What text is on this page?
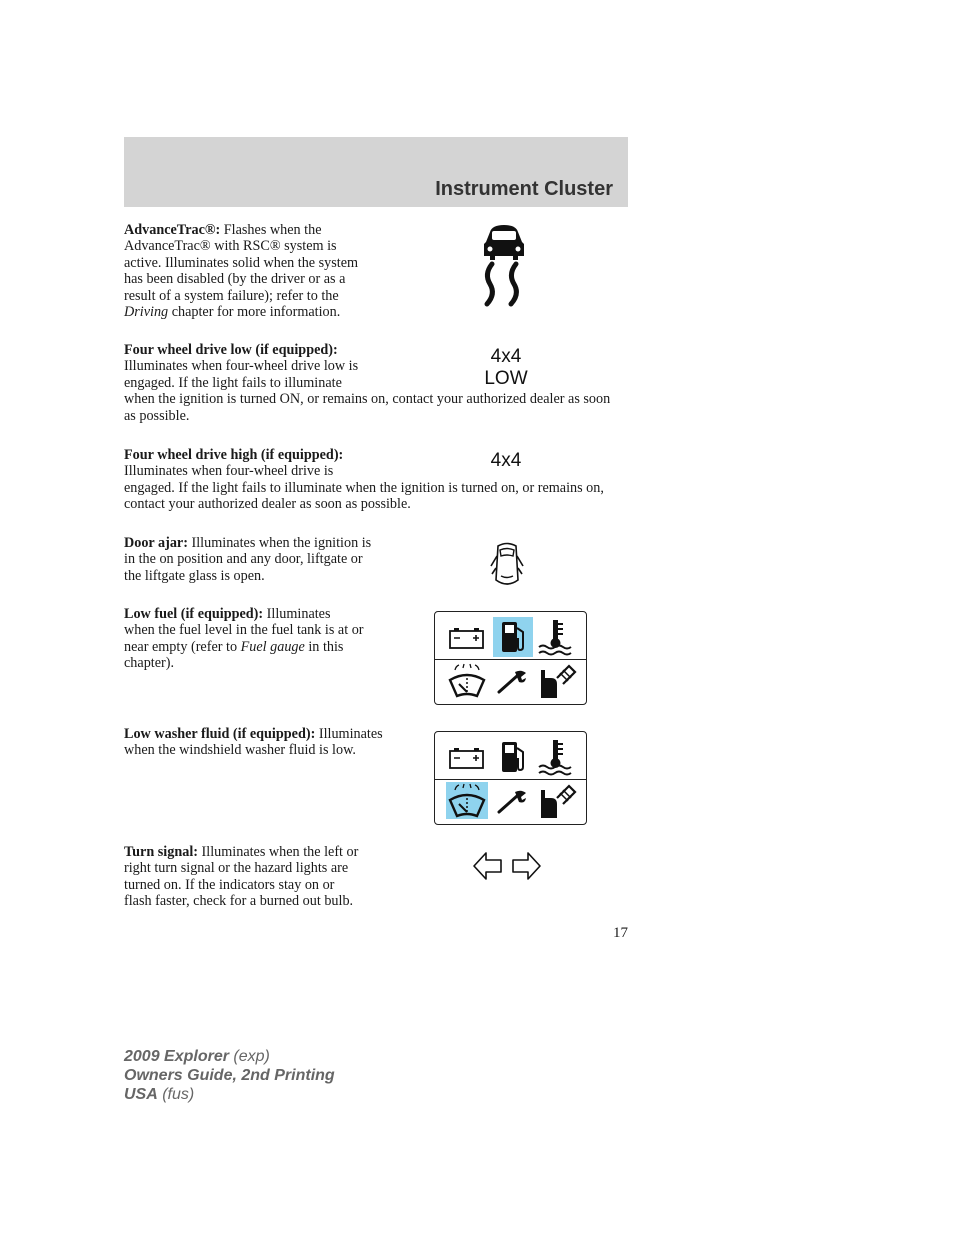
Instrument Cluster
AdvanceTrac®: Flashes when the AdvanceTrac® with RSC® system is active. Illuminates solid when the system has been disabled (by the driver or as a result of a system failure); refer to the Driving chapter for more information.
Four wheel drive low (if equipped): Illuminates when four-wheel drive low is engaged. If the light fails to illuminate when the ignition is turned ON, or remains on, contact your authorized dealer as soon as possible.
4x4
LOW
Four wheel drive high (if equipped): Illuminates when four-wheel drive is engaged. If the light fails to illuminate when the ignition is turned on, or remains on, contact your authorized dealer as soon as possible.
4x4
Door ajar: Illuminates when the ignition is in the on position and any door, liftgate or the liftgate glass is open.
Low fuel (if equipped): Illuminates when the fuel level in the fuel tank is at or near empty (refer to Fuel gauge in this chapter).
Low washer fluid (if equipped): Illuminates when the windshield washer fluid is low.
Turn signal: Illuminates when the left or right turn signal or the hazard lights are turned on. If the indicators stay on or flash faster, check for a burned out bulb.
17
2009 Explorer (exp)
Owners Guide, 2nd Printing
USA (fus)
